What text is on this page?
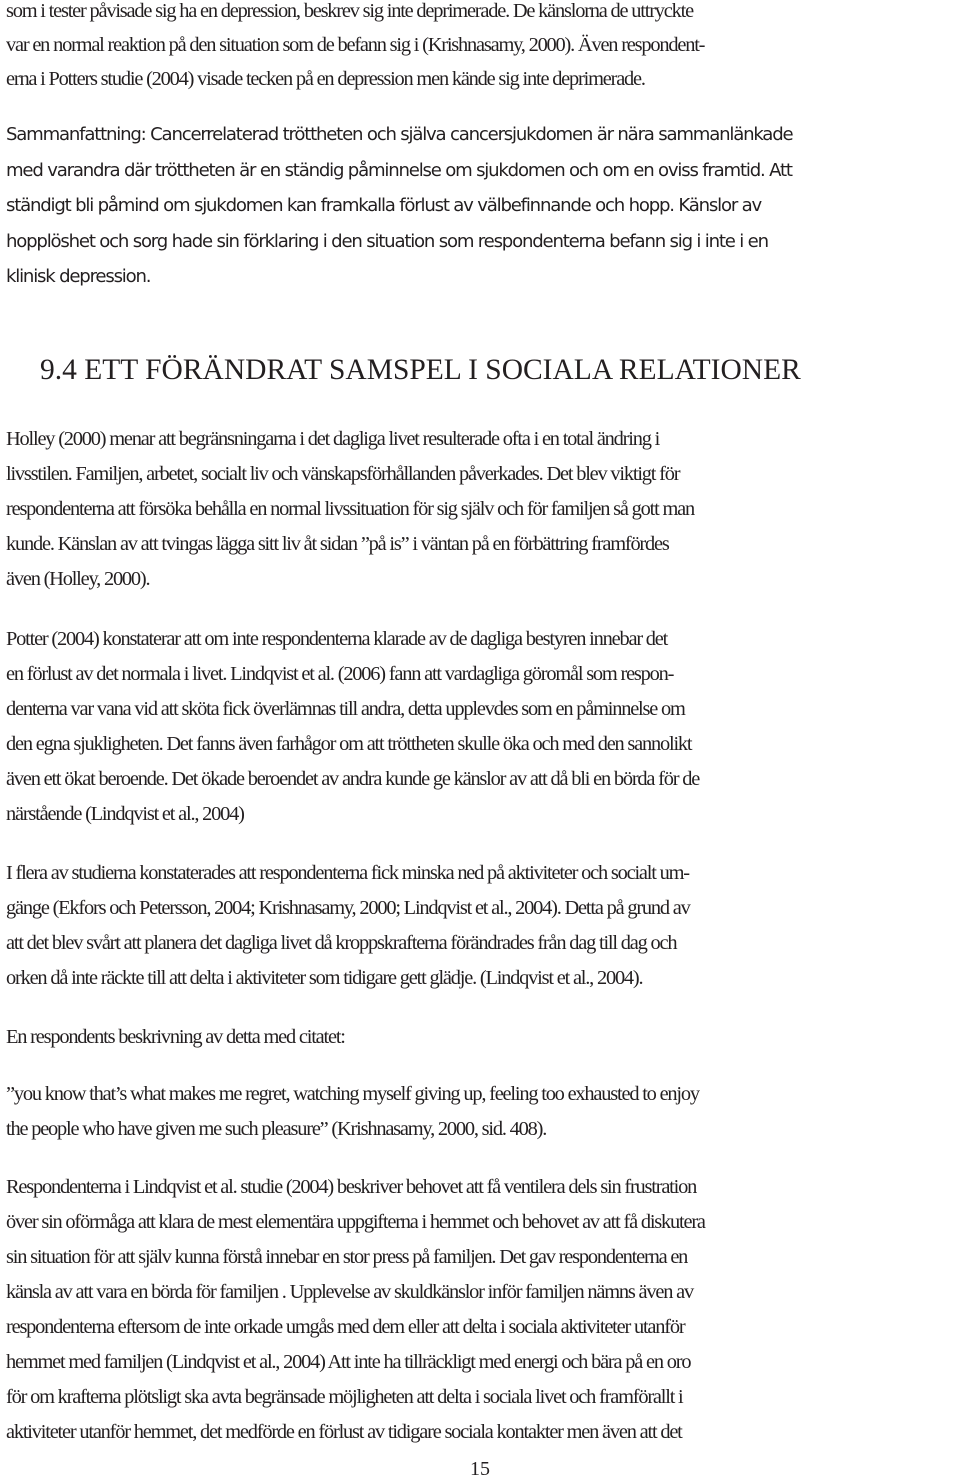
som i tester påvisade sig ha en depression, beskrev sig inte deprimerade. De känslorna de uttryckte
var en normal reaktion på den situation som de befann sig i (Krishnasamy, 2000). Även respondent-
erna i Potters studie (2004) visade tecken på en depression men kände sig inte deprimerade.
Sammanfattning: Cancerrelaterad tröttheten och själva cancersjukdomen är nära sammanlänkade
med varandra där tröttheten är en ständig påminnelse om sjukdomen och om en oviss framtid. Att
ständigt bli påmind om sjukdomen kan framkalla förlust av välbefinnande och hopp. Känslor av
hopplöshet och sorg hade sin förklaring i den situation som respondenterna befann sig i inte i en
klinisk depression.
9.4 ETT FÖRÄNDRAT SAMSPEL I SOCIALA RELATIONER
Holley (2000) menar att begränsningarna i det dagliga livet resulterade ofta i en total ändring i
livsstilen. Familjen, arbetet, socialt liv och vänskapsförhållanden påverkades. Det blev viktigt för
respondenterna att försöka behålla en normal livssituation för sig själv och för familjen så gott man
kunde. Känslan av att tvingas lägga sitt liv åt sidan ”på is” i väntan på en förbättring framfördes
även (Holley, 2000).
Potter (2004) konstaterar att om inte respondenterna klarade av de dagliga bestyren innebar det
en förlust av det normala i livet. Lindqvist et al. (2006) fann att vardagliga göromål som respon-
denterna var vana vid att sköta fick överlämnas till andra, detta upplevdes som en påminnelse om
den egna sjukligheten. Det fanns även farhågor om att tröttheten skulle öka och med den sannolikt
även ett ökat beroende. Det ökade beroendet av andra kunde ge känslor av att då bli en börda för de
närstående (Lindqvist et al., 2004)
I flera av studierna konstaterades att respondenterna fick minska ned på aktiviteter och socialt um-
gänge (Ekfors och Petersson, 2004; Krishnasamy, 2000; Lindqvist et al., 2004). Detta på grund av
att det blev svårt att planera det dagliga livet då kroppskrafterna förändrades från dag till dag och
orken då inte räckte till att delta i aktiviteter som tidigare gett glädje. (Lindqvist et al., 2004).
En respondents beskrivning av detta med citatet:
”you know that’s what makes me regret, watching myself giving up, feeling too exhausted to enjoy
the people who have given me such pleasure” (Krishnasamy, 2000, sid. 408).
Respondenterna i Lindqvist et al. studie (2004) beskriver behovet att få ventilera dels sin frustration
över sin oförmåga att klara de mest elementära uppgifterna i hemmet och behovet av att få diskutera
sin situation för att själv kunna förstå innebar en stor press på familjen. Det gav respondenterna en
känsla av att vara en börda för familjen . Upplevelse av skuldkänslor inför familjen nämns även av
respondenterna eftersom de inte orkade umgås med dem eller att delta i sociala aktiviteter utanför
hemmet med familjen (Lindqvist et al., 2004) Att inte ha tillräckligt med energi och bära på en oro
för om krafterna plötsligt ska avta begränsade möjligheten att delta i sociala livet och framförallt i
aktiviteter utanför hemmet, det medförde en förlust av tidigare sociala kontakter men även att det
15
